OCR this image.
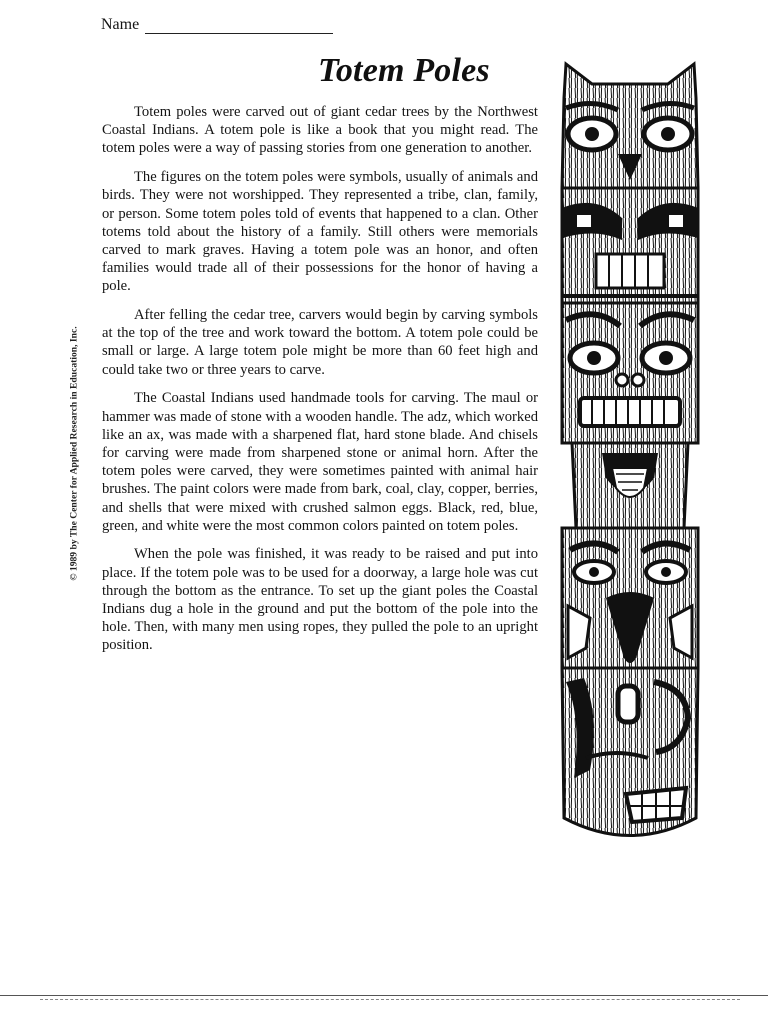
Name
Totem Poles

Totem poles were carved out of giant cedar trees by the Northwest Coastal Indians. A totem pole is like a book that you might read. The totem poles were a way of passing stories from one generation to another.

The figures on the totem poles were symbols, usually of animals and birds. They were not worshipped. They represented a tribe, clan, family, or person. Some totem poles told of events that happened to a clan. Other totems told about the history of a family. Still others were memorials carved to mark graves. Having a totem pole was an honor, and often families would trade all of their possessions for the honor of having a pole.

After felling the cedar tree, carvers would begin by carving symbols at the top of the tree and work toward the bottom. A totem pole could be small or large. A large totem pole might be more than 60 feet high and could take two or three years to carve.

The Coastal Indians used handmade tools for carving. The maul or hammer was made of stone with a wooden handle. The adz, which worked like an ax, was made with a sharpened flat, hard stone blade. And chisels for carving were made from sharpened stone or animal horn. After the totem poles were carved, they were sometimes painted with animal hair brushes. The paint colors were made from bark, coal, clay, copper, berries, and shells that were mixed with crushed salmon eggs. Black, red, blue, green, and white were the most common colors painted on totem poles.

When the pole was finished, it was ready to be raised and put into place. If the totem pole was to be used for a doorway, a large hole was cut through the bottom as the entrance. To set up the giant poles the Coastal Indians dug a hole in the ground and put the bottom of the pole into the hole. Then, with many men using ropes, they pulled the pole to an upright position.

© 1989 by The Center for Applied Research in Education, Inc.
